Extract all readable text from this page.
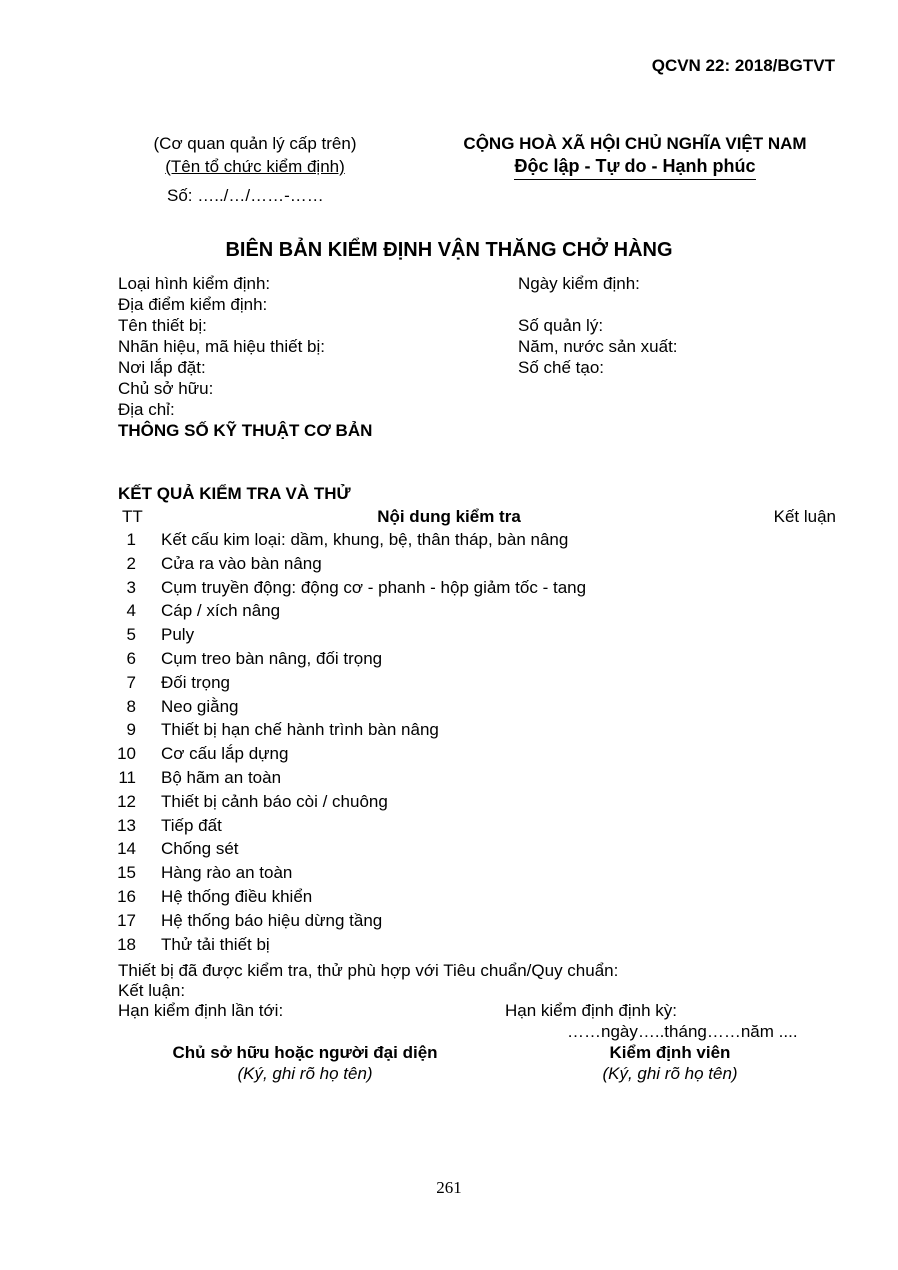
QCVN 22: 2018/BGTVT
(Cơ quan quản lý cấp trên)
(Tên tổ chức kiểm định)
Số: …../…/……-……
CỘNG HOÀ XÃ HỘI CHỦ NGHĨA VIỆT NAM
Độc lập - Tự do - Hạnh phúc
BIÊN BẢN KIỂM ĐỊNH VẬN THĂNG CHỞ HÀNG
Loại hình kiểm định:	Ngày kiểm định:
Địa điểm kiểm định:
Tên thiết bị:	Số quản lý:
Nhãn hiệu, mã hiệu thiết bị:	Năm, nước sản xuất:
Nơi lắp đặt:	Số chế tạo:
Chủ sở hữu:
Địa chỉ:
THÔNG SỐ KỸ THUẬT CƠ BẢN
KẾT QUẢ KIỂM TRA VÀ THỬ
TT	Nội dung kiểm tra	Kết luận
1 Kết cấu kim loại: dầm, khung, bệ, thân tháp, bàn nâng
2 Cửa ra vào bàn nâng
3 Cụm truyền động: động cơ - phanh - hộp giảm tốc - tang
4 Cáp / xích nâng
5 Puly
6 Cụm treo bàn nâng, đối trọng
7 Đối trọng
8 Neo giằng
9 Thiết bị hạn chế hành trình bàn nâng
10 Cơ cấu lắp dựng
11 Bộ hãm an toàn
12 Thiết bị cảnh báo còi / chuông
13 Tiếp đất
14 Chống sét
15 Hàng rào an toàn
16 Hệ thống điều khiển
17 Hệ thống báo hiệu dừng tầng
18 Thử tải thiết bị
Thiết bị đã được kiểm tra, thử phù hợp với Tiêu chuẩn/Quy chuẩn:
Kết luận:
Hạn kiểm định lần tới:	Hạn kiểm định định kỳ:
……ngày…..tháng……năm ....
Chủ sở hữu hoặc người đại diện
(Ký, ghi rõ họ tên)
Kiểm định viên
(Ký, ghi rõ họ tên)
261
